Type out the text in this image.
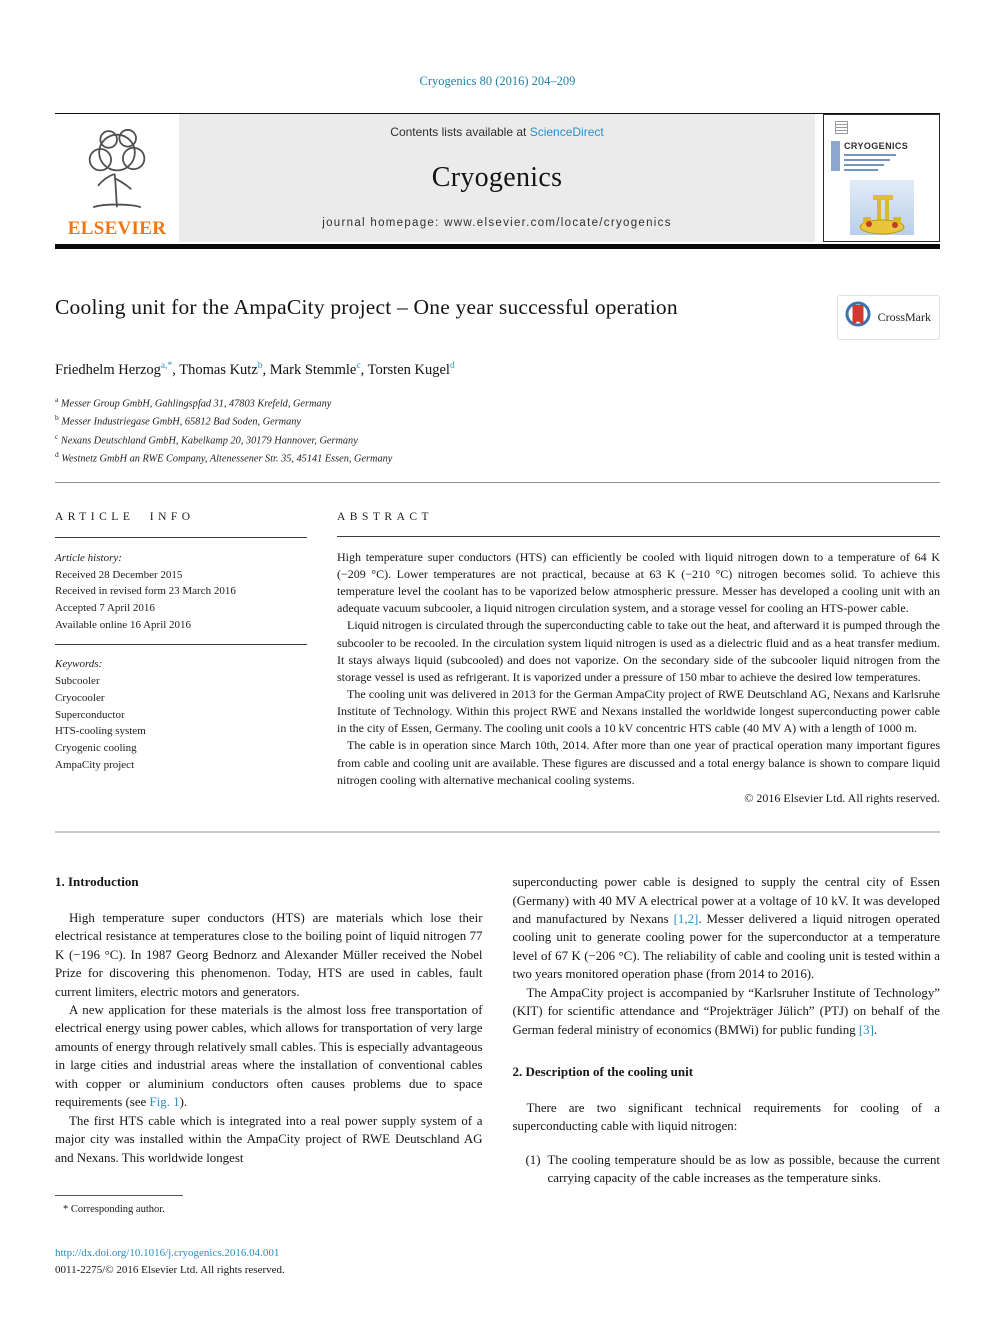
Cryogenics 80 (2016) 204–209
ELSEVIER
Contents lists available at ScienceDirect
Cryogenics
journal homepage: www.elsevier.com/locate/cryogenics
CRYOGENICS
Cooling unit for the AmpaCity project – One year successful operation	CrossMark
Friedhelm Herzog$^{a,*}$, Thomas Kutz$^b$, Mark Stemmle$^c$, Torsten Kugel$^d$
$^a$ Messer Group GmbH, Gahlingspfad 31, 47803 Krefeld, Germany
$^b$ Messer Industriegase GmbH, 65812 Bad Soden, Germany
$^c$ Nexans Deutschland GmbH, Kabelkamp 20, 30179 Hannover, Germany
$^d$ Westnetz GmbH an RWE Company, Altenessener Str. 35, 45141 Essen, Germany
ARTICLE INFO
Article history:
Received 28 December 2015
Received in revised form 23 March 2016
Accepted 7 April 2016
Available online 16 April 2016
Keywords:
Subcooler
Cryocooler
Superconductor
HTS-cooling system
Cryogenic cooling
AmpaCity project
ABSTRACT

High temperature super conductors (HTS) can efficiently be cooled with liquid nitrogen down to a temperature of 64 K (−209 °C). Lower temperatures are not practical, because at 63 K (−210 °C) nitrogen becomes solid. To achieve this temperature level the coolant has to be vaporized below atmospheric pressure. Messer has developed a cooling unit with an adequate vacuum subcooler, a liquid nitrogen circulation system, and a storage vessel for cooling an HTS-power cable.

Liquid nitrogen is circulated through the superconducting cable to take out the heat, and afterward it is pumped through the subcooler to be recooled. In the circulation system liquid nitrogen is used as a dielectric fluid and as a heat transfer medium. It stays always liquid (subcooled) and does not vaporize. On the secondary side of the subcooler liquid nitrogen from the storage vessel is used as refrigerant. It is vaporized under a pressure of 150 mbar to achieve the desired low temperatures.

The cooling unit was delivered in 2013 for the German AmpaCity project of RWE Deutschland AG, Nexans and Karlsruhe Institute of Technology. Within this project RWE and Nexans installed the worldwide longest superconducting power cable in the city of Essen, Germany. The cooling unit cools a 10 kV concentric HTS cable (40 MV A) with a length of 1000 m.

The cable is in operation since March 10th, 2014. After more than one year of practical operation many important figures from cable and cooling unit are available. These figures are discussed and a total energy balance is shown to compare liquid nitrogen cooling with alternative mechanical cooling systems.

© 2016 Elsevier Ltd. All rights reserved.
1. Introduction

High temperature super conductors (HTS) are materials which lose their electrical resistance at temperatures close to the boiling point of liquid nitrogen 77 K (−196 °C). In 1987 Georg Bednorz and Alexander Müller received the Nobel Prize for discovering this phenomenon. Today, HTS are used in cables, fault current limiters, electric motors and generators.

A new application for these materials is the almost loss free transportation of electrical energy using power cables, which allows for transportation of very large amounts of energy through relatively small cables. This is especially advantageous in large cities and industrial areas where the installation of conventional cables with copper or aluminium conductors often causes problems due to space requirements (see Fig. 1).

The first HTS cable which is integrated into a real power supply system of a major city was installed within the AmpaCity project of RWE Deutschland AG and Nexans. This worldwide longest

* Corresponding author.
http://dx.doi.org/10.1016/j.cryogenics.2016.04.001
0011-2275/© 2016 Elsevier Ltd. All rights reserved.

superconducting power cable is designed to supply the central city of Essen (Germany) with 40 MV A electrical power at a voltage of 10 kV. It was developed and manufactured by Nexans [1,2]. Messer delivered a liquid nitrogen operated cooling unit to generate cooling power for the superconductor at a temperature level of 67 K (−206 °C). The reliability of cable and cooling unit is tested within a two years monitored operation phase (from 2014 to 2016).

The AmpaCity project is accompanied by “Karlsruher Institute of Technology” (KIT) for scientific attendance and “Projekträger Jülich” (PTJ) on behalf of the German federal ministry of economics (BMWi) for public funding [3].

2. Description of the cooling unit

There are two significant technical requirements for cooling of a superconducting cable with liquid nitrogen:

(1) The cooling temperature should be as low as possible, because the current carrying capacity of the cable increases as the temperature sinks.
